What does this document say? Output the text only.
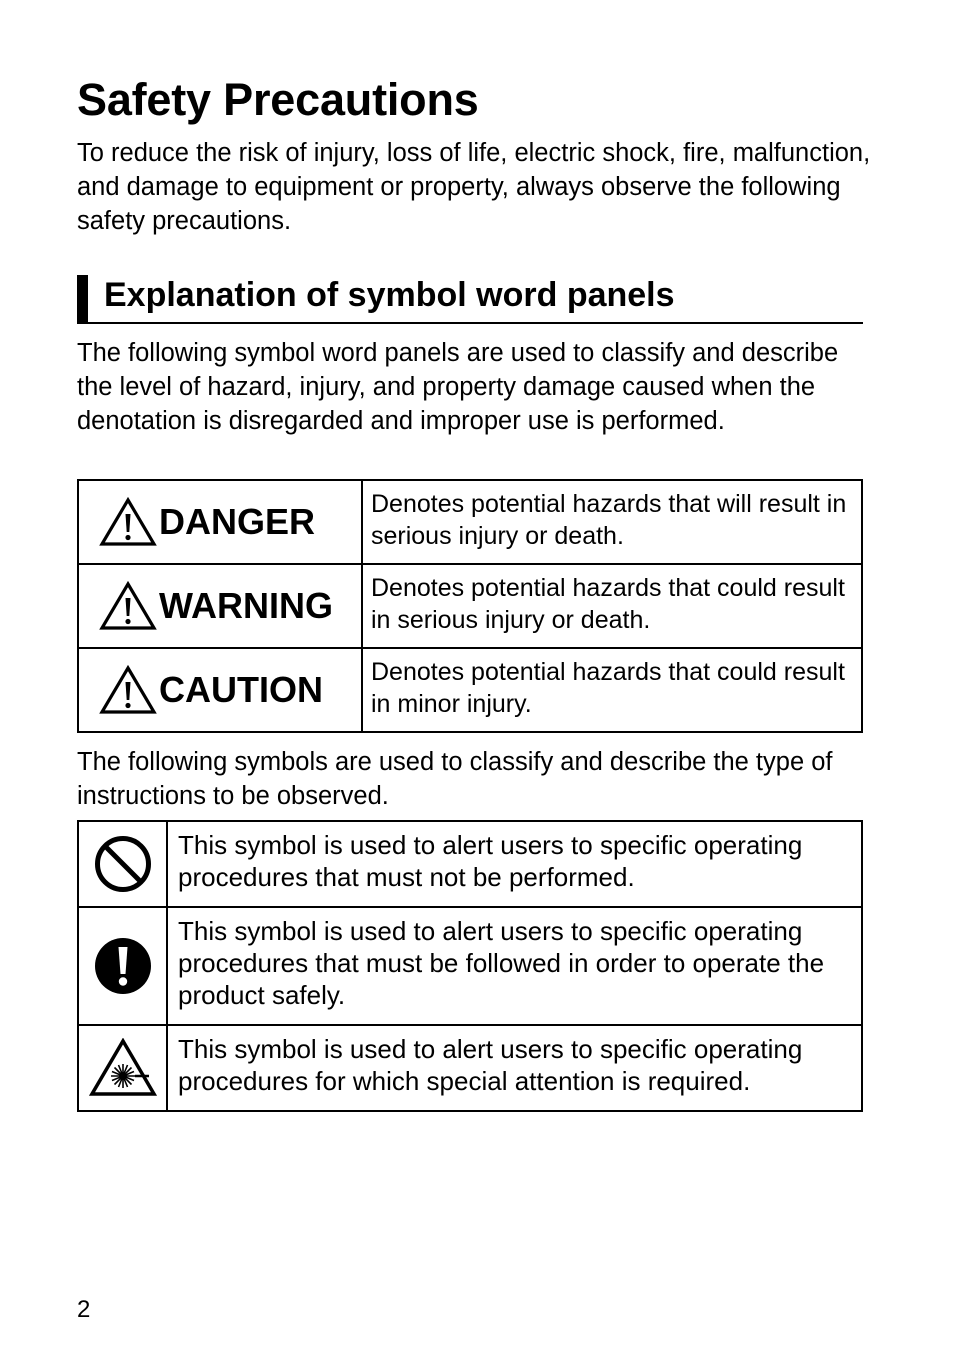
Safety Precautions

To reduce the risk of injury, loss of life, electric shock, fire, malfunction, and damage to equipment or property, always observe the following safety precautions.

Explanation of symbol word panels

The following symbol word panels are used to classify and describe the level of hazard, injury, and property damage caused when the denotation is disregarded and improper use is performed.

DANGER	Denotes potential hazards that will result in serious injury or death.

WARNING	Denotes potential hazards that could result in serious injury or death.

CAUTION	Denotes potential hazards that could result in minor injury.

The following symbols are used to classify and describe the type of instructions to be observed.

	This symbol is used to alert users to specific operating procedures that must not be performed.

	This symbol is used to alert users to specific operating procedures that must be followed in order to operate the product safely.

	This symbol is used to alert users to specific operating procedures for which special attention is required.

2
